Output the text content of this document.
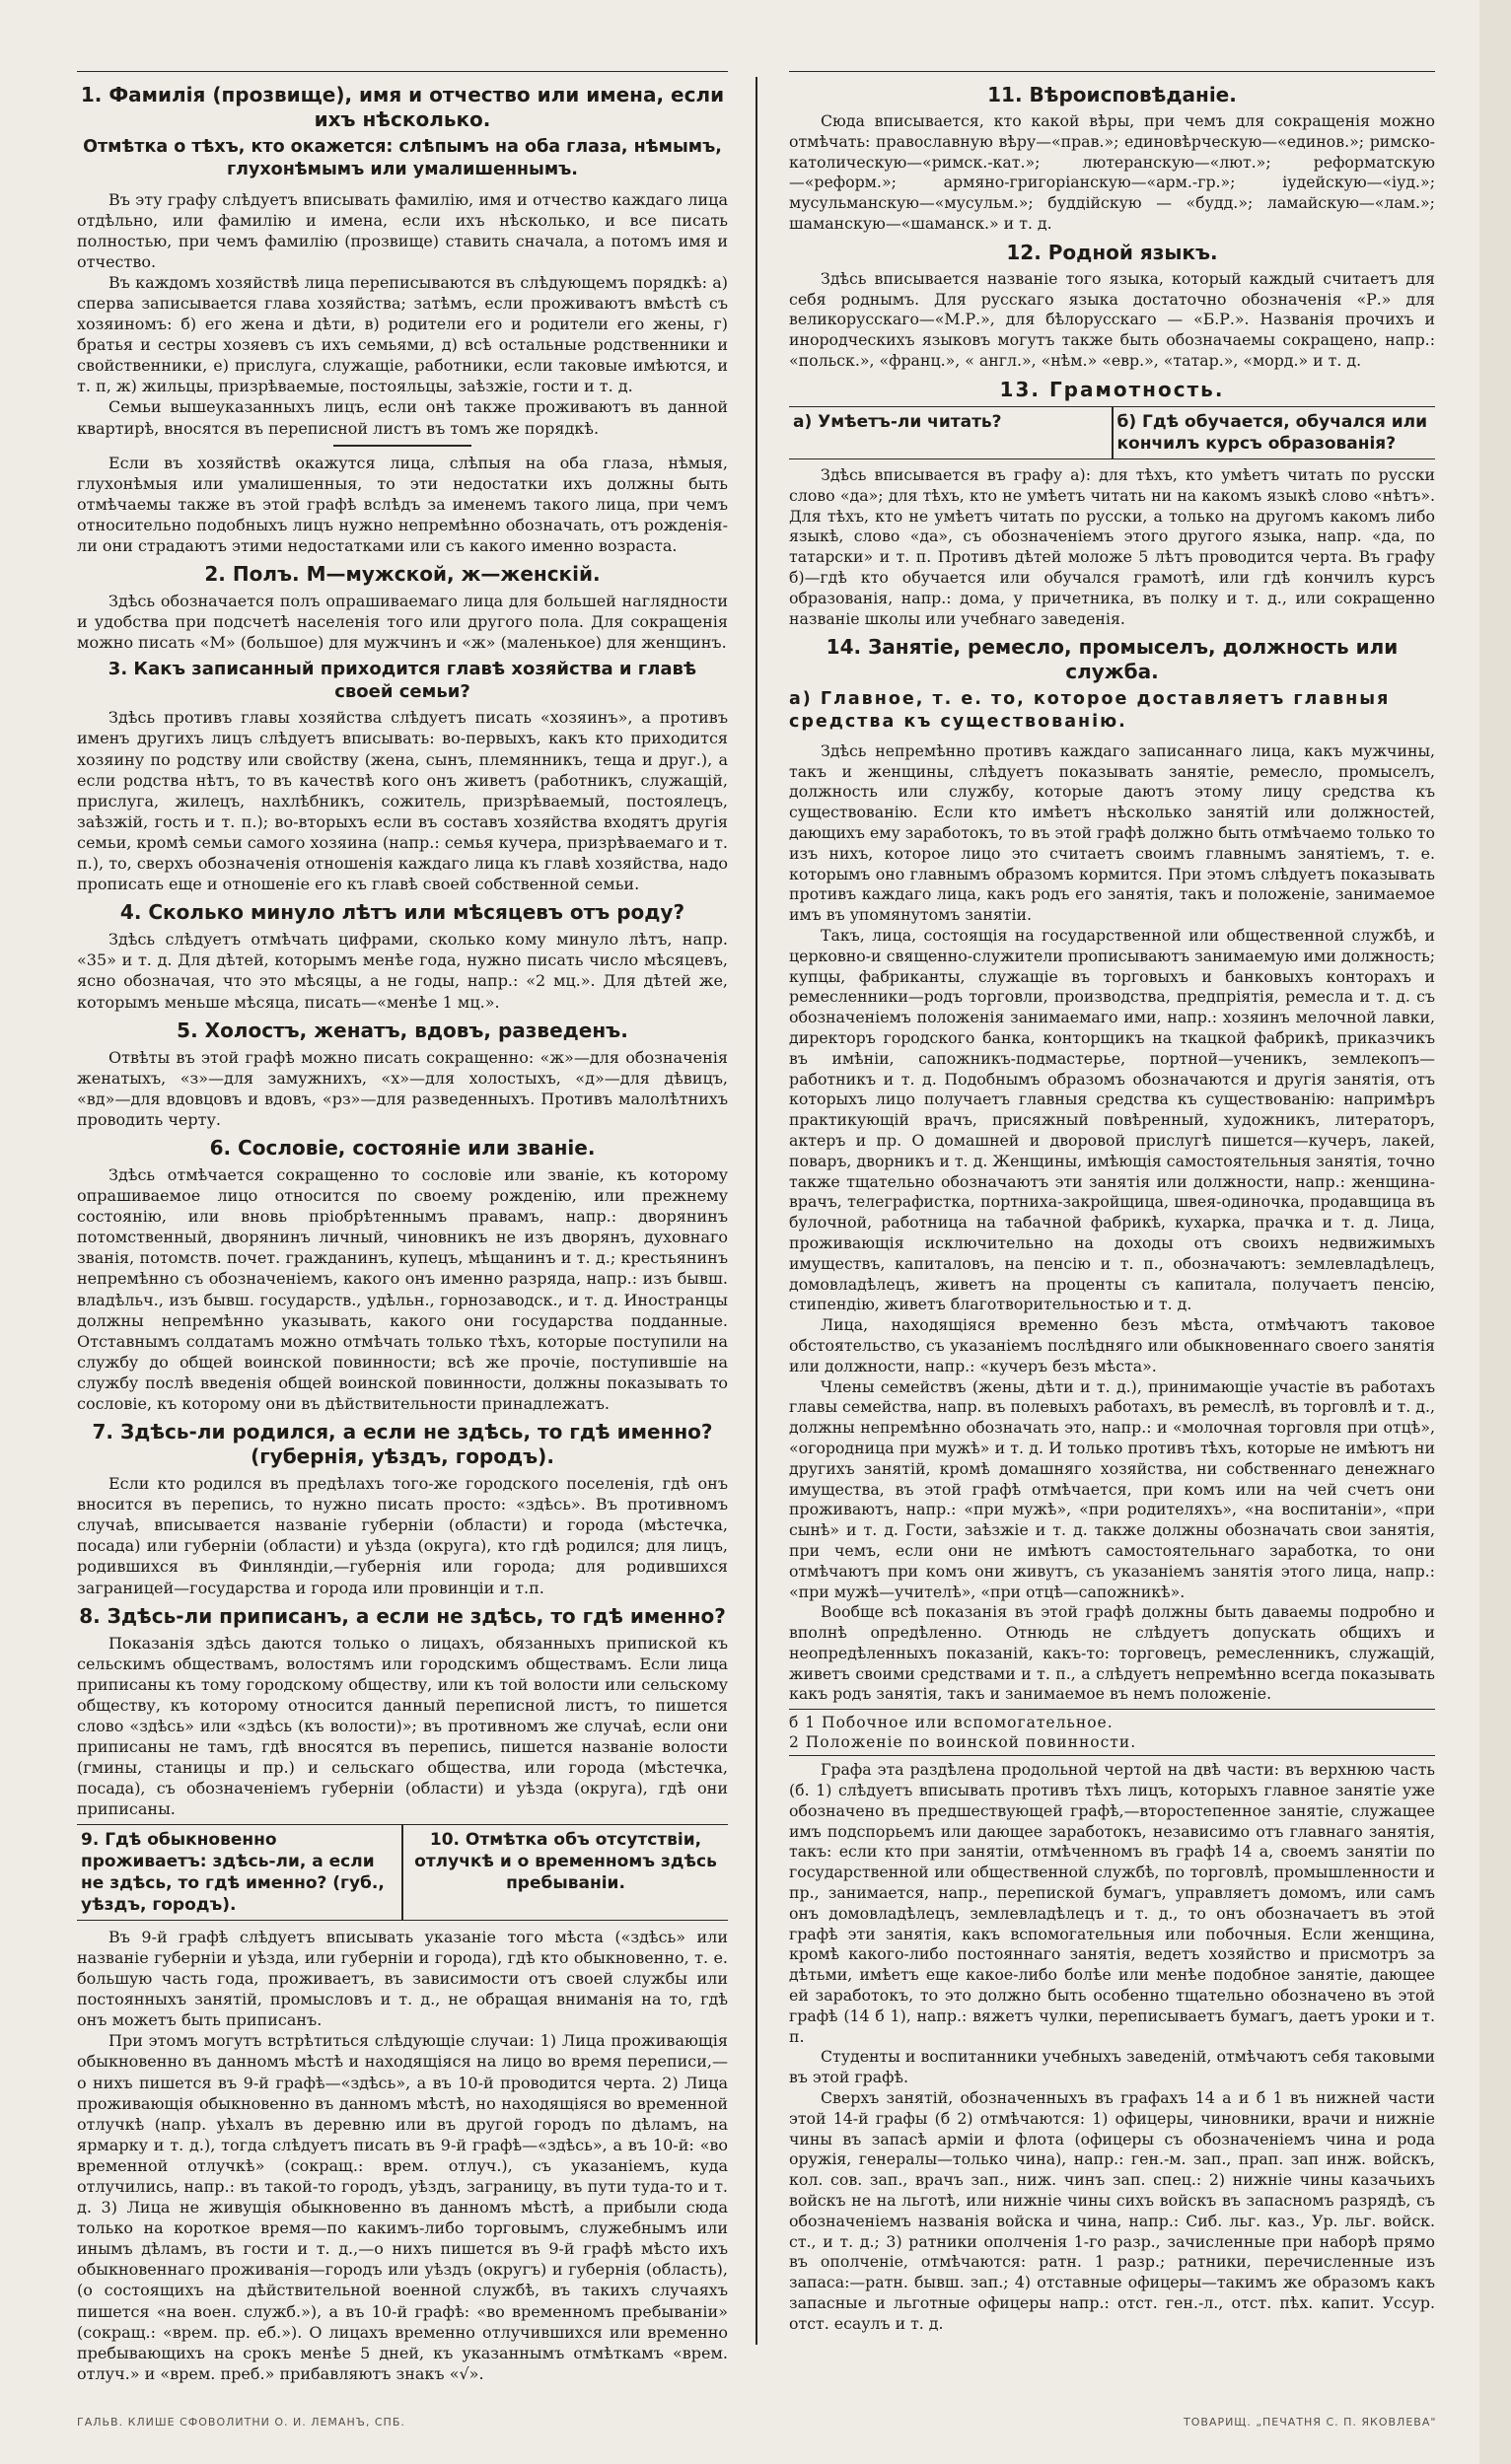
1. Фамилія (прозвище), имя и отчество или имена, если ихъ нѣсколько.
Отмѣтка о тѣхъ, кто окажется: слѣпымъ на оба глаза, нѣмымъ, глухонѣмымъ или умалишеннымъ.

Въ эту графу слѣдуетъ вписывать фамилію, имя и отчество каждаго лица отдѣльно, или фамилію и имена, если ихъ нѣсколько, и все писать полностью, при чемъ фамилію (прозвище) ставить сначала, а потомъ имя и отчество.

Въ каждомъ хозяйствѣ лица переписываются въ слѣдующемъ порядкѣ: а) сперва записывается глава хозяйства; затѣмъ, если проживаютъ вмѣстѣ съ хозяиномъ: б) его жена и дѣти, в) родители его и родители его жены, г) братья и сестры хозяевъ съ ихъ семьями, д) всѣ остальные родственники и свойственники, е) прислуга, служащіе, работники, если таковые имѣются, и т. п, ж) жильцы, призрѣваемые, постояльцы, заѣзжіе, гости и т. д.

Семьи вышеуказанныхъ лицъ, если онѣ также проживаютъ въ данной квартирѣ, вносятся въ переписной листъ въ томъ же порядкѣ.

Если въ хозяйствѣ окажутся лица, слѣпыя на оба глаза, нѣмыя, глухонѣмыя или умалишенныя, то эти недостатки ихъ должны быть отмѣчаемы также въ этой графѣ вслѣдъ за именемъ такого лица, при чемъ относительно подобныхъ лицъ нужно непремѣнно обозначать, отъ рожденія-ли они страдаютъ этими недостатками или съ какого именно возраста.

2. Полъ. М—мужской, ж—женскій.

Здѣсь обозначается полъ опрашиваемаго лица для большей наглядности и удобства при подсчетѣ населенія того или другого пола. Для сокращенія можно писать «М» (большое) для мужчинъ и «ж» (маленькое) для женщинъ.

3. Какъ записанный приходится главѣ хозяйства и главѣ своей семьи?

Здѣсь противъ главы хозяйства слѣдуетъ писать «хозяинъ», а противъ именъ другихъ лицъ слѣдуетъ вписывать: во-первыхъ, какъ кто приходится хозяину по родству или свойству (жена, сынъ, племянникъ, теща и друг.), а если родства нѣтъ, то въ качествѣ кого онъ живетъ (работникъ, служащій, прислуга, жилецъ, нахлѣбникъ, сожитель, призрѣваемый, постоялецъ, заѣзжій, гость и т. п.); во-вторыхъ если въ составъ хозяйства входятъ другія семьи, кромѣ семьи самого хозяина (напр.: семья кучера, призрѣваемаго и т. п.), то, сверхъ обозначенія отношенія каждаго лица къ главѣ хозяйства, надо прописать еще и отношеніе его къ главѣ своей собственной семьи.

4. Сколько минуло лѣтъ или мѣсяцевъ отъ роду?

Здѣсь слѣдуетъ отмѣчать цифрами, сколько кому минуло лѣтъ, напр. «35» и т. д. Для дѣтей, которымъ менѣе года, нужно писать число мѣсяцевъ, ясно обозначая, что это мѣсяцы, а не годы, напр.: «2 мц.». Для дѣтей же, которымъ меньше мѣсяца, писать—«менѣе 1 мц.».

5. Холостъ, женатъ, вдовъ, разведенъ.

Отвѣты въ этой графѣ можно писать сокращенно: «ж»—для обозначенія женатыхъ, «з»—для замужнихъ, «х»—для холостыхъ, «д»—для дѣвицъ, «вд»—для вдовцовъ и вдовъ, «рз»—для разведенныхъ. Противъ малолѣтнихъ проводить черту.

6. Сословіе, состояніе или званіе.

Здѣсь отмѣчается сокращенно то сословіе или званіе, къ которому опрашиваемое лицо относится по своему рожденію, или прежнему состоянію, или вновь пріобрѣтеннымъ правамъ, напр.: дворянинъ потомственный, дворянинъ личный, чиновникъ не изъ дворянъ, духовнаго званія, потомств. почет. гражданинъ, купецъ, мѣщанинъ и т. д.; крестьянинъ непремѣнно съ обозначеніемъ, какого онъ именно разряда, напр.: изъ бывш. владѣльч., изъ бывш. государств., удѣльн., горнозаводск., и т. д. Иностранцы должны непремѣнно указывать, какого они государства подданные. Отставнымъ солдатамъ можно отмѣчать только тѣхъ, которые поступили на службу до общей воинской повинности; всѣ же прочіе, поступившіе на службу послѣ введенія общей воинской повинности, должны показывать то сословіе, къ которому они въ дѣйствительности принадлежатъ.

7. Здѣсь-ли родился, а если не здѣсь, то гдѣ именно? (губернія, уѣздъ, городъ).

Если кто родился въ предѣлахъ того-же городского поселенія, гдѣ онъ вносится въ перепись, то нужно писать просто: «здѣсь». Въ противномъ случаѣ, вписывается названіе губерніи (области) и города (мѣстечка, посада) или губерніи (области) и уѣзда (округа), кто гдѣ родился; для лицъ, родившихся въ Финляндіи,—губернія или города; для родившихся заграницей—государства и города или провинціи и т.п.

8. Здѣсь-ли приписанъ, а если не здѣсь, то гдѣ именно?

Показанія здѣсь даются только о лицахъ, обязанныхъ припиской къ сельскимъ обществамъ, волостямъ или городскимъ обществамъ. Если лица приписаны къ тому городскому обществу, или къ той волости или сельскому обществу, къ которому относится данный переписной листъ, то пишется слово «здѣсь» или «здѣсь (къ волости)»; въ противномъ же случаѣ, если они приписаны не тамъ, гдѣ вносятся въ перепись, пишется названіе волости (гмины, станицы и пр.) и сельскаго общества, или города (мѣстечка, посада), съ обозначеніемъ губерніи (области) и уѣзда (округа), гдѣ они приписаны.

9. Гдѣ обыкновенно проживаетъ: здѣсь-ли, а если не здѣсь, то гдѣ именно? (губ., уѣздъ, городъ).
10. Отмѣтка объ отсутствіи, отлучкѣ и о временномъ здѣсь пребываніи.

Въ 9-й графѣ слѣдуетъ вписывать указаніе того мѣста («здѣсь» или названіе губерніи и уѣзда, или губерніи и города), гдѣ кто обыкновенно, т. е. большую часть года, проживаетъ, въ зависимости отъ своей службы или постоянныхъ занятій, промысловъ и т. д., не обращая вниманія на то, гдѣ онъ можетъ быть приписанъ.

При этомъ могутъ встрѣтиться слѣдующіе случаи: 1) Лица проживающія обыкновенно въ данномъ мѣстѣ и находящіяся на лицо во время переписи,—о нихъ пишется въ 9-й графѣ—«здѣсь», а въ 10-й проводится черта. 2) Лица проживающія обыкновенно въ данномъ мѣстѣ, но находящіяся во временной отлучкѣ (напр. уѣхалъ въ деревню или въ другой городъ по дѣламъ, на ярмарку и т. д.), тогда слѣдуетъ писать въ 9-й графѣ—«здѣсь», а въ 10-й: «во временной отлучкѣ» (сокращ.: врем. отлуч.), съ указаніемъ, куда отлучились, напр.: въ такой-то городъ, уѣздъ, заграницу, въ пути туда-то и т. д. 3) Лица не живущія обыкновенно въ данномъ мѣстѣ, а прибыли сюда только на короткое время—по какимъ-либо торговымъ, служебнымъ или инымъ дѣламъ, въ гости и т. д.,—о нихъ пишется въ 9-й графѣ мѣсто ихъ обыкновеннаго проживанія—городъ или уѣздъ (округъ) и губернія (область), (о состоящихъ на дѣйствительной военной службѣ, въ такихъ случаяхъ пишется «на воен. служб.»), а въ 10-й графѣ: «во временномъ пребываніи» (сокращ.: «врем. пр. еб.»). О лицахъ временно отлучившихся или временно пребывающихъ на срокъ менѣе 5 дней, къ указаннымъ отмѣткамъ «врем. отлуч.» и «врем. преб.» прибавляютъ знакъ «√».

11. Вѣроисповѣданіе.

Сюда вписывается, кто какой вѣры, при чемъ для сокращенія можно отмѣчать: православную вѣру—«прав.»; единовѣрческую—«единов.»; римско-католическую—«римск.-кат.»; лютеранскую—«лют.»; реформатскую—«реформ.»; армяно-григоріанскую—«арм.-гр.»; іудейскую—«іуд.»; мусульманскую—«мусульм.»; буддійскую — «будд.»; ламайскую—«лам.»; шаманскую—«шаманск.» и т. д.

12. Родной языкъ.

Здѣсь вписывается названіе того языка, который каждый считаетъ для себя роднымъ. Для русскаго языка достаточно обозначенія «Р.» для великорусскаго—«М.Р.», для бѣлорусскаго — «Б.Р.». Названія прочихъ и инородческихъ языковъ могутъ также быть обозначаемы сокращено, напр.: «польск.», «франц.», « англ.», «нѣм.» «евр.», «татар.», «морд.» и т. д.

13. Грамотность.
а) Умѣетъ-ли читать?	б) Гдѣ обучается, обучался или кончилъ курсъ образованія?

Здѣсь вписывается въ графу а): для тѣхъ, кто умѣетъ читать по русски слово «да»; для тѣхъ, кто не умѣетъ читать ни на какомъ языкѣ слово «нѣтъ». Для тѣхъ, кто не умѣетъ читать по русски, а только на другомъ какомъ либо языкѣ, слово «да», съ обозначеніемъ этого другого языка, напр. «да, по татарски» и т. п. Противъ дѣтей моложе 5 лѣтъ проводится черта. Въ графу б)—гдѣ кто обучается или обучался грамотѣ, или гдѣ кончилъ курсъ образованія, напр.: дома, у причетника, въ полку и т. д., или сокращенно названіе школы или учебнаго заведенія.

14. Занятіе, ремесло, промыселъ, должность или служба.
а) Главное, т. е. то, которое доставляетъ главныя средства къ существованію.

Здѣсь непремѣнно противъ каждаго записаннаго лица, какъ мужчины, такъ и женщины, слѣдуетъ показывать занятіе, ремесло, промыселъ, должность или службу, которые даютъ этому лицу средства къ существованію. Если кто имѣетъ нѣсколько занятій или должностей, дающихъ ему заработокъ, то въ этой графѣ должно быть отмѣчаемо только то изъ нихъ, которое лицо это считаетъ своимъ главнымъ занятіемъ, т. е. которымъ оно главнымъ образомъ кормится. При этомъ слѣдуетъ показывать противъ каждаго лица, какъ родъ его занятія, такъ и положеніе, занимаемое имъ въ упомянутомъ занятіи.

Такъ, лица, состоящія на государственной или общественной службѣ, и церковно-и священно-служители прописываютъ занимаемую ими должность; купцы, фабриканты, служащіе въ торговыхъ и банковыхъ конторахъ и ремесленники—родъ торговли, производства, предпріятія, ремесла и т. д. съ обозначеніемъ положенія занимаемаго ими, напр.: хозяинъ мелочной лавки, директоръ городского банка, конторщикъ на ткацкой фабрикѣ, приказчикъ въ имѣніи, сапожникъ-подмастерье, портной—ученикъ, землекопъ—работникъ и т. д. Подобнымъ образомъ обозначаются и другія занятія, отъ которыхъ лицо получаетъ главныя средства къ существованію: напримѣръ практикующій врачъ, присяжный повѣренный, художникъ, литераторъ, актеръ и пр. О домашней и дворовой прислугѣ пишется—кучеръ, лакей, поваръ, дворникъ и т. д. Женщины, имѣющія самостоятельныя занятія, точно также тщательно обозначаютъ эти занятія или должности, напр.: женщина-врачъ, телеграфистка, портниха-закройщица, швея-одиночка, продавщица въ булочной, работница на табачной фабрикѣ, кухарка, прачка и т. д. Лица, проживающія исключительно на доходы отъ своихъ недвижимыхъ имуществъ, капиталовъ, на пенсію и т. п., обозначаютъ: землевладѣлецъ, домовладѣлецъ, живетъ на проценты съ капитала, получаетъ пенсію, стипендію, живетъ благотворительностью и т. д.

Лица, находящіяся временно безъ мѣста, отмѣчаютъ таковое обстоятельство, съ указаніемъ послѣдняго или обыкновеннаго своего занятія или должности, напр.: «кучеръ безъ мѣста».

Члены семействъ (жены, дѣти и т. д.), принимающіе участіе въ работахъ главы семейства, напр. въ полевыхъ работахъ, въ ремеслѣ, въ торговлѣ и т. д., должны непремѣнно обозначать это, напр.: и «молочная торговля при отцѣ», «огородница при мужѣ» и т. д. И только противъ тѣхъ, которые не имѣютъ ни другихъ занятій, кромѣ домашняго хозяйства, ни собственнаго денежнаго имущества, въ этой графѣ отмѣчается, при комъ или на чей счетъ они проживаютъ, напр.: «при мужѣ», «при родителяхъ», «на воспитаніи», «при сынѣ» и т. д. Гости, заѣзжіе и т. д. также должны обозначать свои занятія, при чемъ, если они не имѣютъ самостоятельнаго заработка, то они отмѣчаютъ при комъ они живутъ, съ указаніемъ занятія этого лица, напр.: «при мужѣ—учителѣ», «при отцѣ—сапожникѣ».

Вообще всѣ показанія въ этой графѣ должны быть даваемы подробно и вполнѣ опредѣленно. Отнюдь не слѣдуетъ допускать общихъ и неопредѣленныхъ показаній, какъ-то: торговецъ, ремесленникъ, служащій, живетъ своими средствами и т. п., а слѣдуетъ непремѣнно всегда показывать какъ родъ занятія, такъ и занимаемое въ немъ положеніе.

б 1 Побочное или вспомогательное.
2 Положеніе по воинской повинности.

Графа эта раздѣлена продольной чертой на двѣ части: въ верхнюю часть (б. 1) слѣдуетъ вписывать противъ тѣхъ лицъ, которыхъ главное занятіе уже обозначено въ предшествующей графѣ,—второстепенное занятіе, служащее имъ подспорьемъ или дающее заработокъ, независимо отъ главнаго занятія, такъ: если кто при занятіи, отмѣченномъ въ графѣ 14 а, своемъ занятіи по государственной или общественной службѣ, по торговлѣ, промышленности и пр., занимается, напр., перепиской бумагъ, управляетъ домомъ, или самъ онъ домовладѣлецъ, землевладѣлецъ и т. д., то онъ обозначаетъ въ этой графѣ эти занятія, какъ вспомогательныя или побочныя. Если женщина, кромѣ какого-либо постояннаго занятія, ведетъ хозяйство и присмотръ за дѣтьми, имѣетъ еще какое-либо болѣе или менѣе подобное занятіе, дающее ей заработокъ, то это должно быть особенно тщательно обозначено въ этой графѣ (14 б 1), напр.: вяжетъ чулки, переписываетъ бумагъ, даетъ уроки и т. п.

Студенты и воспитанники учебныхъ заведеній, отмѣчаютъ себя таковыми въ этой графѣ.

Сверхъ занятій, обозначенныхъ въ графахъ 14 а и б 1 въ нижней части этой 14-й графы (б 2) отмѣчаются: 1) офицеры, чиновники, врачи и нижніе чины въ запасѣ армiи и флота (офицеры съ обозначеніемъ чина и рода оружія, генералы—только чина), напр.: ген.-м. зап., прап. зап инж. войскъ, кол. сов. зап., врачъ зап., ниж. чинъ зап. спец.: 2) нижніе чины казачьихъ войскъ не на льготѣ, или нижніе чины сихъ войскъ въ запасномъ разрядѣ, съ обозначеніемъ названія войска и чина, напр.: Сиб. льг. каз., Ур. льг. войск. ст., и т. д.; 3) ратники ополченія 1-го разр., зачисленные при наборѣ прямо въ ополченіе, отмѣчаются: ратн. 1 разр.; ратники, перечисленные изъ запаса:—ратн. бывш. зап.; 4) отставные офицеры—такимъ же образомъ какъ запасные и льготные офицеры напр.: отст. ген.-л., отст. пѣх. капит. Уссур. отст. есаулъ и т. д.

ГАЛЬВ. КЛИШЕ СФОВОЛИТНИ О. И. ЛЕМАНЪ, СПБ.	ТОВАРИЩ. „ПЕЧАТНЯ С. П. ЯКОВЛЕВА"
